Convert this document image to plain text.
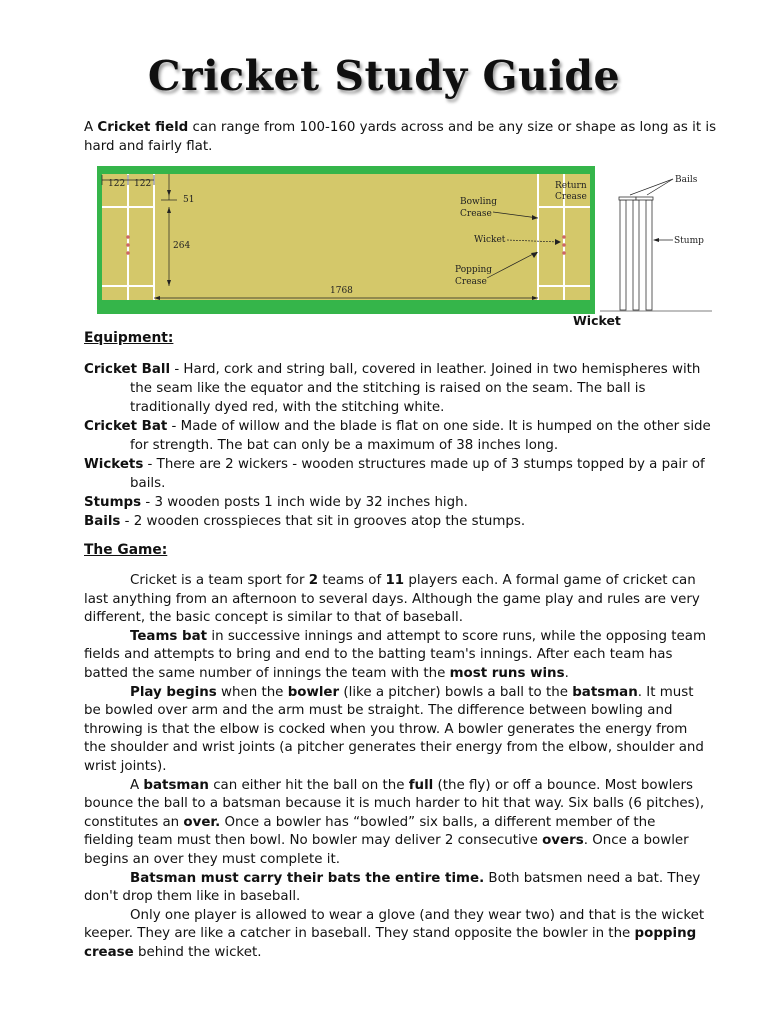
Cricket Study Guide
A Cricket field can range from 100-160 yards across and be any size or shape as long as it is hard and fairly flat.
122 122
51
264
1768
Return
Crease
Bowling
Crease
Wicket
Popping
Crease
Bails
Stump
Wicket
Equipment:

Cricket Ball - Hard, cork and string ball, covered in leather. Joined in two hemispheres with the seam like the equator and the stitching is raised on the seam. The ball is traditionally dyed red, with the stitching white.

Cricket Bat - Made of willow and the blade is flat on one side. It is humped on the other side for strength. The bat can only be a maximum of 38 inches long.

Wickets - There are 2 wickers - wooden structures made up of 3 stumps topped by a pair of bails.

Stumps - 3 wooden posts 1 inch wide by 32 inches high.

Bails - 2 wooden crosspieces that sit in grooves atop the stumps.

The Game:

Cricket is a team sport for 2 teams of 11 players each. A formal game of cricket can last anything from an afternoon to several days. Although the game play and rules are very different, the basic concept is similar to that of baseball.

Teams bat in successive innings and attempt to score runs, while the opposing team fields and attempts to bring and end to the batting team's innings. After each team has batted the same number of innings the team with the most runs wins.

Play begins when the bowler (like a pitcher) bowls a ball to the batsman. It must be bowled over arm and the arm must be straight. The difference between bowling and throwing is that the elbow is cocked when you throw. A bowler generates the energy from the shoulder and wrist joints (a pitcher generates their energy from the elbow, shoulder and wrist joints).

A batsman can either hit the ball on the full (the fly) or off a bounce. Most bowlers bounce the ball to a batsman because it is much harder to hit that way. Six balls (6 pitches), constitutes an over. Once a bowler has “bowled” six balls, a different member of the fielding team must then bowl. No bowler may deliver 2 consecutive overs. Once a bowler begins an over they must complete it.

Batsman must carry their bats the entire time. Both batsmen need a bat. They don't drop them like in baseball.

Only one player is allowed to wear a glove (and they wear two) and that is the wicket keeper. They are like a catcher in baseball. They stand opposite the bowler in the popping crease behind the wicket.
